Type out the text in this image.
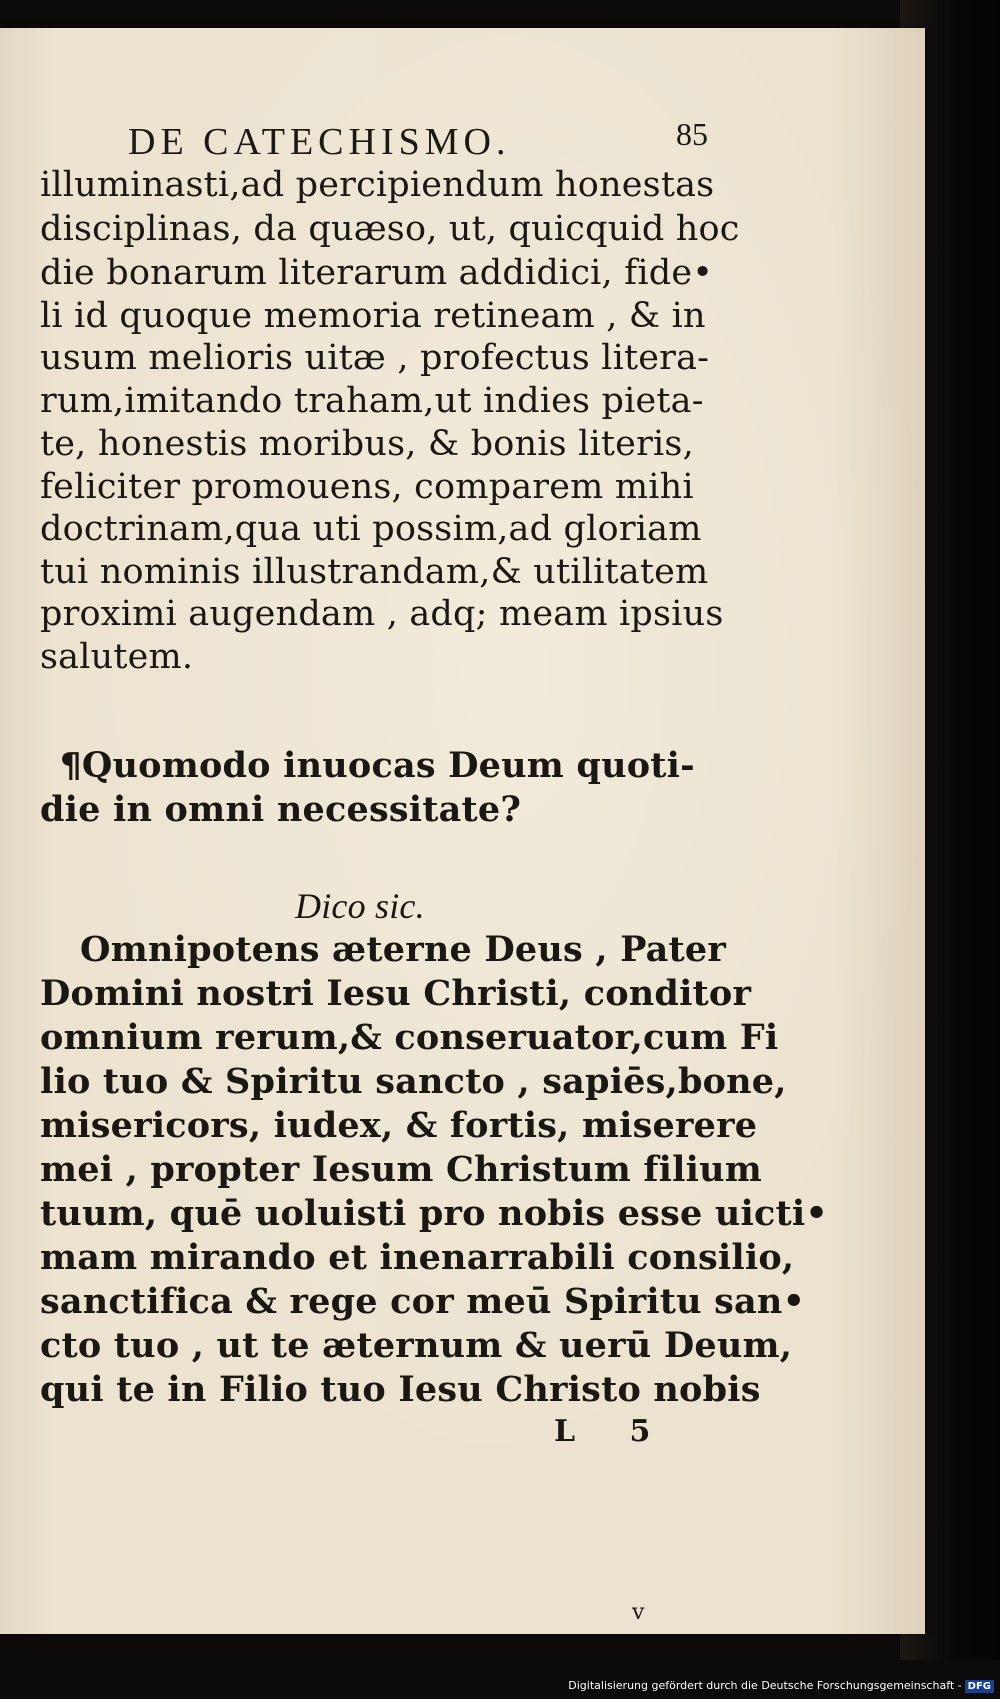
DE CATECHISMO.	85
illuminasti,ad percipiendum honestas
disciplinas, da quæso, ut, quicquid hoc
die bonarum literarum addidici, fide•
li id quoque memoria retineam , & in
usum melioris uitæ , profectus litera-
rum,imitando traham,ut indies pieta-
te, honestis moribus, & bonis literis,
feliciter promouens, comparem mihi
doctrinam,qua uti possim,ad gloriam
tui nominis illustrandam,& utilitatem
proximi augendam , adq; meam ipsius
salutem.
¶Quomodo inuocas Deum quoti-
die in omni necessitate?
Dico sic.
Omnipotens æterne Deus , Pater
Domini nostri Iesu Christi, conditor
omnium rerum,& conseruator,cum Fi
lio tuo & Spiritu sancto , sapiēs,bone,
misericors, iudex, & fortis, miserere
mei , propter Iesum Christum filium
tuum, quē uoluisti pro nobis esse uicti•
mam mirando et inenarrabili consilio,
sanctifica & rege cor meū Spiritu san•
cto tuo , ut te æternum & uerū Deum,
qui te in Filio tuo Iesu Christo nobis
L 5
v
Digitalisierung gefördert durch die Deutsche Forschungsgemeinschaft - DFG
